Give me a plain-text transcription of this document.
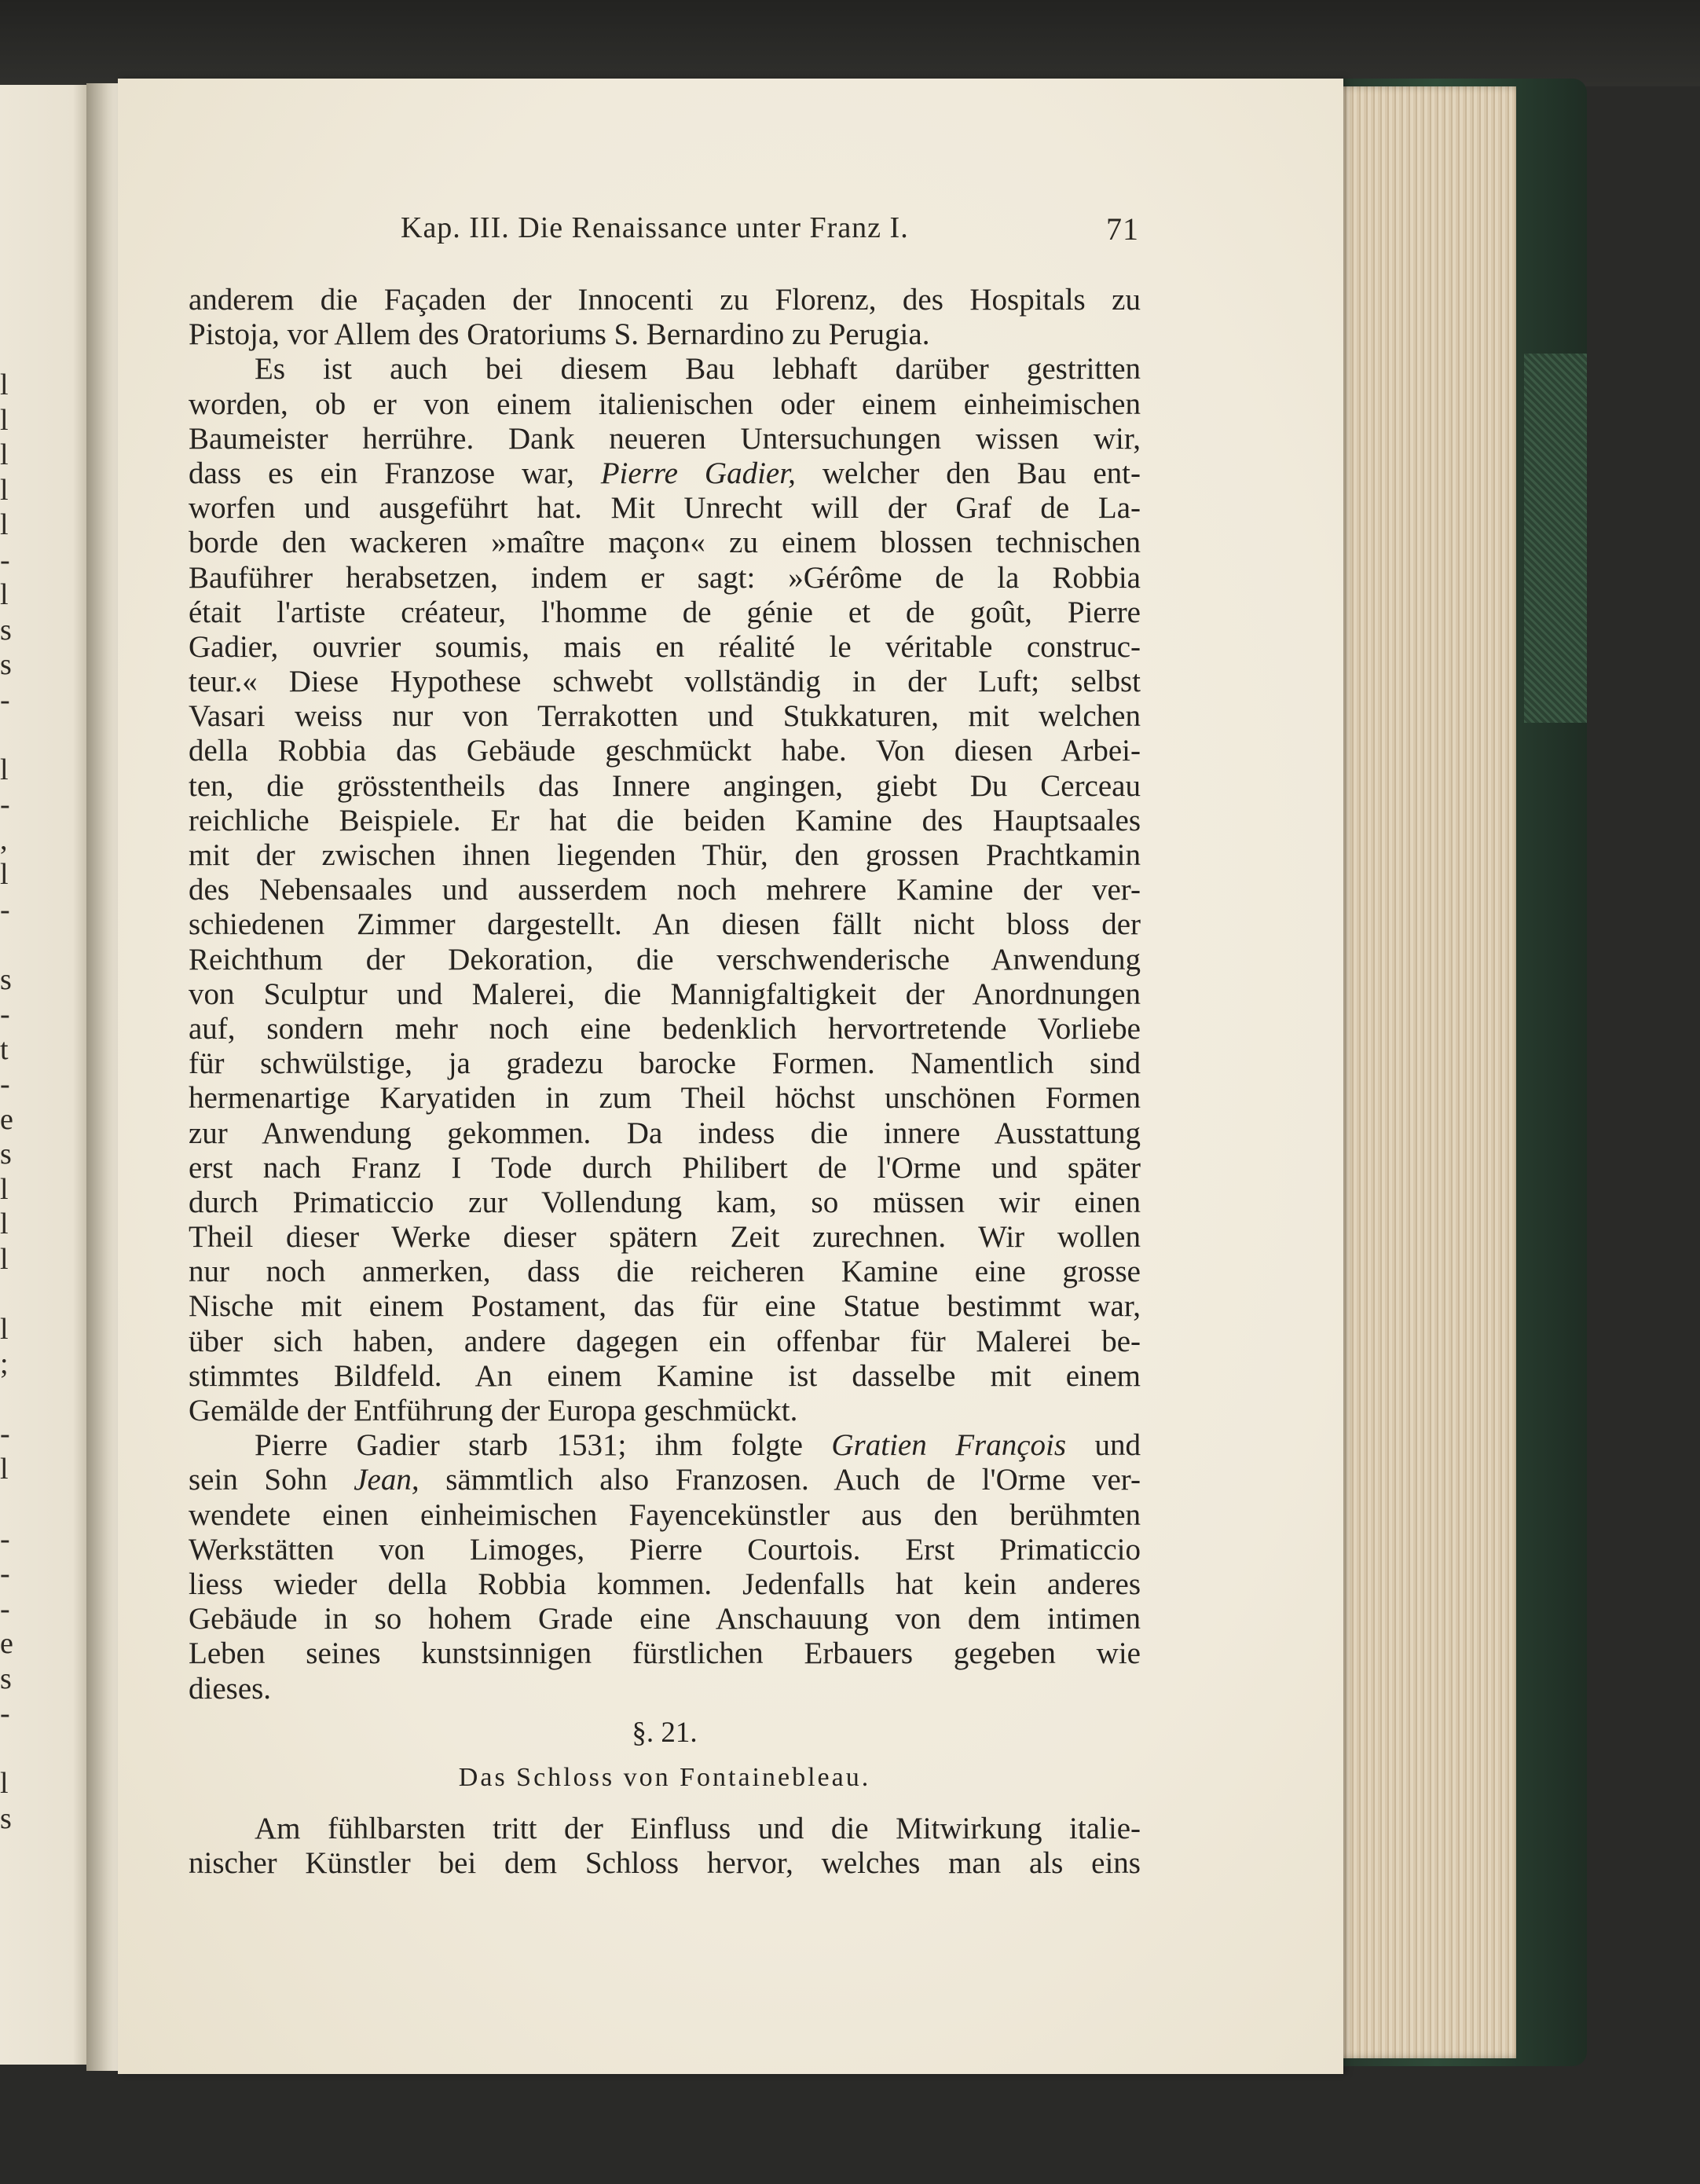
l
l
l
l
l
-
l
s
s
-
l
-
,
l
-
s
-
t
-
e
s
l
l
l
l
;
-
l
-
-
-
e
s
-
l
s
Kap. III. Die Renaissance unter Franz I.	71
anderem die Façaden der Innocenti zu Florenz, des Hospitals zu
Pistoja, vor Allem des Oratoriums S. Bernardino zu Perugia.
Es ist auch bei diesem Bau lebhaft darüber gestritten
worden, ob er von einem italienischen oder einem einheimischen
Baumeister herrühre. Dank neueren Untersuchungen wissen wir,
dass es ein Franzose war, Pierre Gadier, welcher den Bau ent-
worfen und ausgeführt hat. Mit Unrecht will der Graf de La-
borde den wackeren »maître maçon« zu einem blossen technischen
Bauführer herabsetzen, indem er sagt: »Gérôme de la Robbia
était l'artiste créateur, l'homme de génie et de goût, Pierre
Gadier, ouvrier soumis, mais en réalité le véritable construc-
teur.« Diese Hypothese schwebt vollständig in der Luft; selbst
Vasari weiss nur von Terrakotten und Stukkaturen, mit welchen
della Robbia das Gebäude geschmückt habe. Von diesen Arbei-
ten, die grösstentheils das Innere angingen, giebt Du Cerceau
reichliche Beispiele. Er hat die beiden Kamine des Hauptsaales
mit der zwischen ihnen liegenden Thür, den grossen Prachtkamin
des Nebensaales und ausserdem noch mehrere Kamine der ver-
schiedenen Zimmer dargestellt. An diesen fällt nicht bloss der
Reichthum der Dekoration, die verschwenderische Anwendung
von Sculptur und Malerei, die Mannigfaltigkeit der Anordnungen
auf, sondern mehr noch eine bedenklich hervortretende Vorliebe
für schwülstige, ja gradezu barocke Formen. Namentlich sind
hermenartige Karyatiden in zum Theil höchst unschönen Formen
zur Anwendung gekommen. Da indess die innere Ausstattung
erst nach Franz I Tode durch Philibert de l'Orme und später
durch Primaticcio zur Vollendung kam, so müssen wir einen
Theil dieser Werke dieser spätern Zeit zurechnen. Wir wollen
nur noch anmerken, dass die reicheren Kamine eine grosse
Nische mit einem Postament, das für eine Statue bestimmt war,
über sich haben, andere dagegen ein offenbar für Malerei be-
stimmtes Bildfeld. An einem Kamine ist dasselbe mit einem
Gemälde der Entführung der Europa geschmückt.
Pierre Gadier starb 1531; ihm folgte Gratien François und
sein Sohn Jean, sämmtlich also Franzosen. Auch de l'Orme ver-
wendete einen einheimischen Fayencekünstler aus den berühmten
Werkstätten von Limoges, Pierre Courtois. Erst Primaticcio
liess wieder della Robbia kommen. Jedenfalls hat kein anderes
Gebäude in so hohem Grade eine Anschauung von dem intimen
Leben seines kunstsinnigen fürstlichen Erbauers gegeben wie
dieses.
§. 21.
Das Schloss von Fontainebleau.
Am fühlbarsten tritt der Einfluss und die Mitwirkung italie-
nischer Künstler bei dem Schloss hervor, welches man als eins
